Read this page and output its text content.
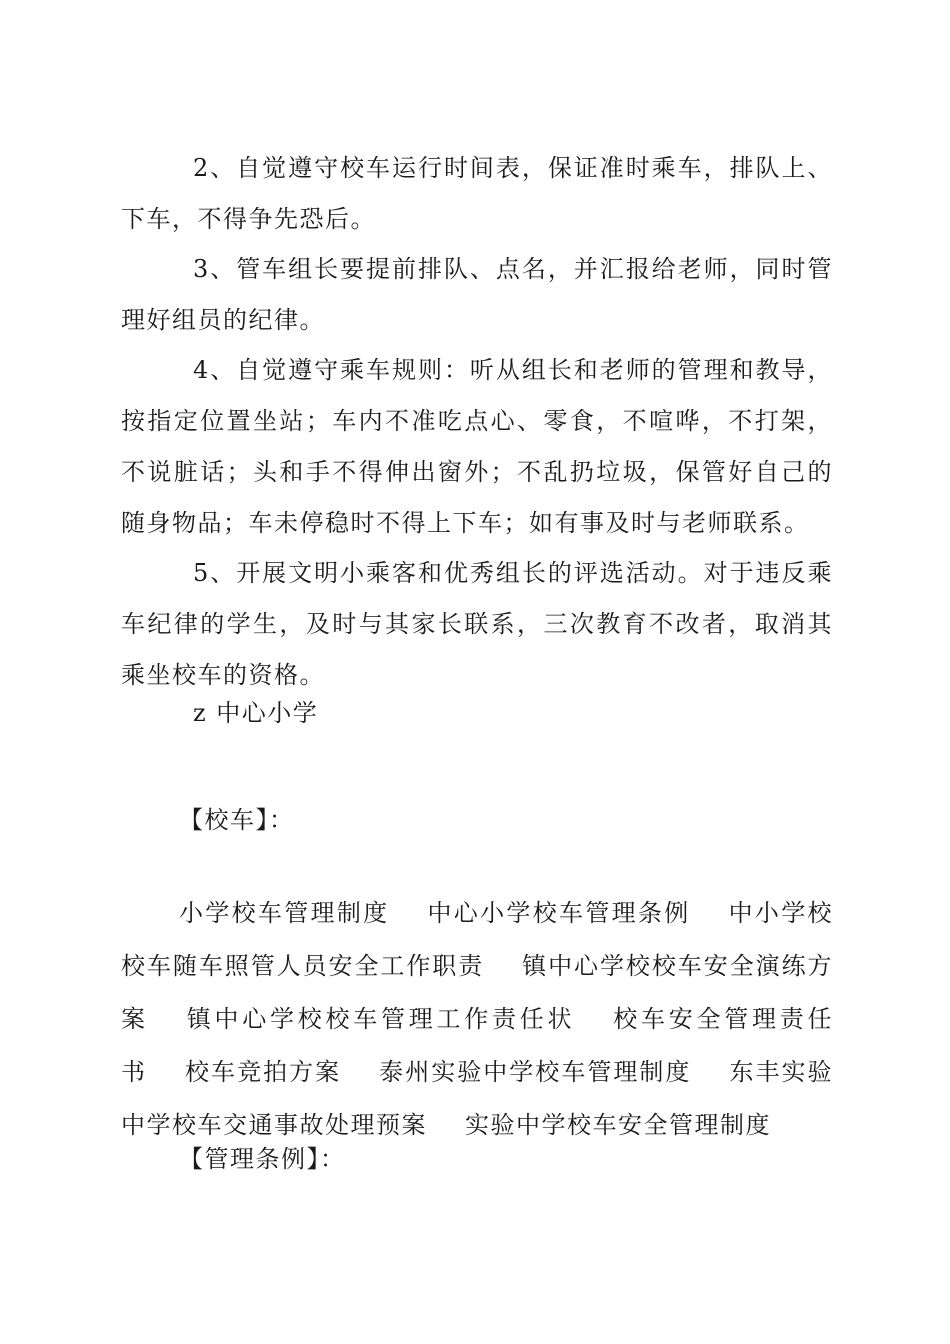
2、自觉遵守校车运行时间表，保证准时乘车，排队上、下车，不得争先恐后。

3、管车组长要提前排队、点名，并汇报给老师，同时管理好组员的纪律。

4、自觉遵守乘车规则：听从组长和老师的管理和教导，按指定位置坐站；车内不准吃点心、零食，不喧哗，不打架，不说脏话；头和手不得伸出窗外；不乱扔垃圾，保管好自己的随身物品；车未停稳时不得上下车；如有事及时与老师联系。

5、开展文明小乘客和优秀组长的评选活动。对于违反乘车纪律的学生，及时与其家长联系，三次教育不改者，取消其乘坐校车的资格。

z 中心小学

【校车】：

小学校车管理制度 中心小学校车管理条例 中小学校校车随车照管人员安全工作职责 镇中心学校校车安全演练方案 镇中心学校校车管理工作责任状 校车安全管理责任书 校车竞拍方案 泰州实验中学校车管理制度 东丰实验中学校车交通事故处理预案 实验中学校车安全管理制度

【管理条例】：
